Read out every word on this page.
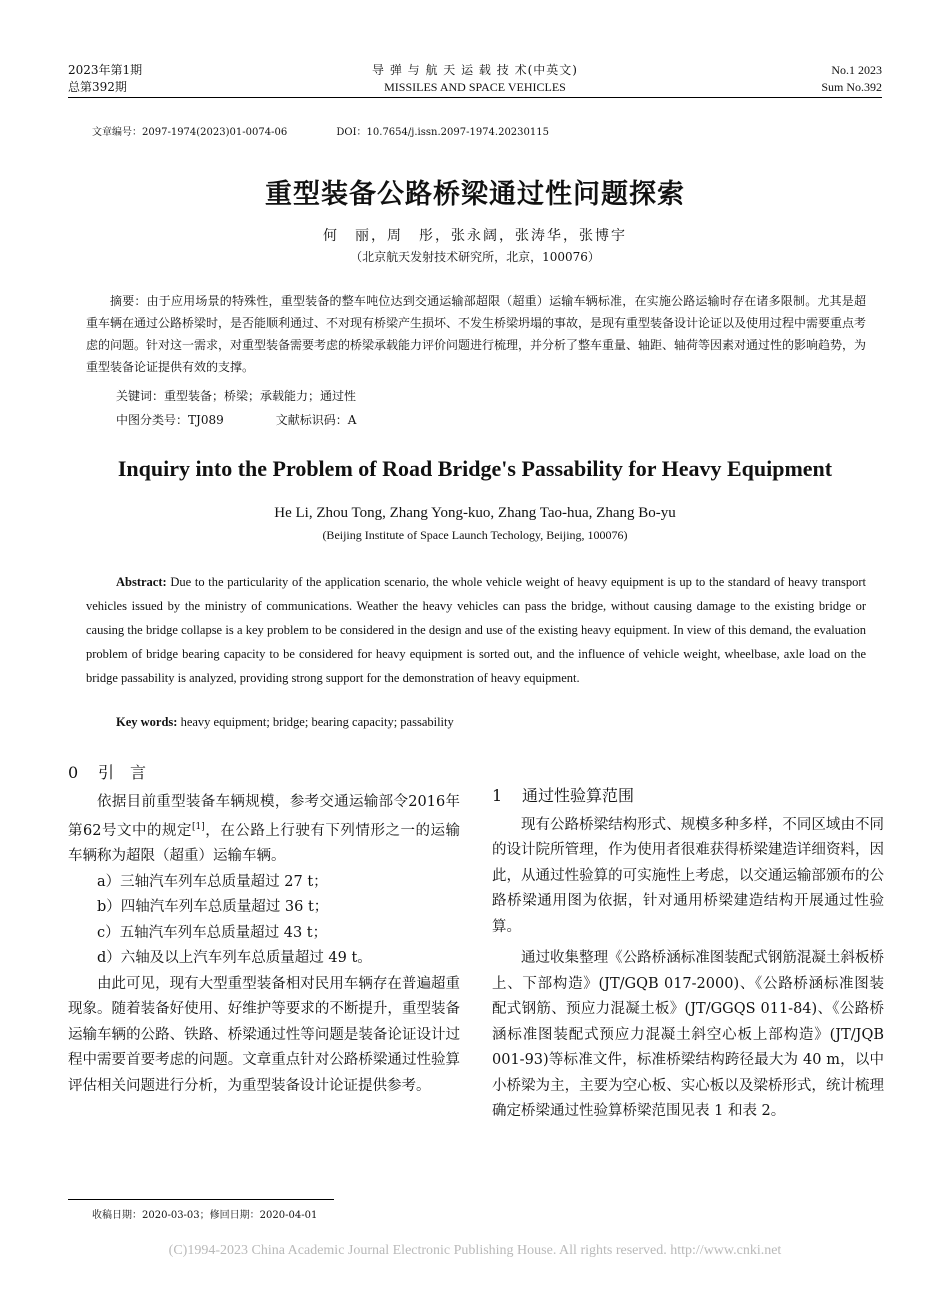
2023年第1期
总第392期
导 弹 与 航 天 运 载 技 术(中英文)
MISSILES AND SPACE VEHICLES
No.1 2023
Sum No.392
文章编号：2097-1974(2023)01-0074-06	DOI：10.7654/j.issn.2097-1974.20230115
重型装备公路桥梁通过性问题探索
何　丽，周　彤，张永阔，张涛华，张博宇
（北京航天发射技术研究所，北京，100076）
摘要：由于应用场景的特殊性，重型装备的整车吨位达到交通运输部超限（超重）运输车辆标准，在实施公路运输时存在诸多限制。尤其是超重车辆在通过公路桥梁时，是否能顺利通过、不对现有桥梁产生损坏、不发生桥梁坍塌的事故，是现有重型装备设计论证以及使用过程中需要重点考虑的问题。针对这一需求，对重型装备需要考虑的桥梁承载能力评价问题进行梳理，并分析了整车重量、轴距、轴荷等因素对通过性的影响趋势，为重型装备论证提供有效的支撑。
关键词：重型装备；桥梁；承载能力；通过性
中图分类号：TJ089	文献标识码：A
Inquiry into the Problem of Road Bridge's Passability for Heavy Equipment
He Li, Zhou Tong, Zhang Yong-kuo, Zhang Tao-hua, Zhang Bo-yu
(Beijing Institute of Space Launch Techology, Beijing, 100076)
Abstract: Due to the particularity of the application scenario, the whole vehicle weight of heavy equipment is up to the standard of heavy transport vehicles issued by the ministry of communications. Weather the heavy vehicles can pass the bridge, without causing damage to the existing bridge or causing the bridge collapse is a key problem to be considered in the design and use of the existing heavy equipment. In view of this demand, the evaluation problem of bridge bearing capacity to be considered for heavy equipment is sorted out, and the influence of vehicle weight, wheelbase, axle load on the bridge passability is analyzed, providing strong support for the demonstration of heavy equipment.
Key words: heavy equipment; bridge; bearing capacity; passability
0 引　言

依据目前重型装备车辆规模，参考交通运输部令2016年第62号文中的规定[1]，在公路上行驶有下列情形之一的运输车辆称为超限（超重）运输车辆。

a）三轴汽车列车总质量超过 27 t；

b）四轴汽车列车总质量超过 36 t；

c）五轴汽车列车总质量超过 43 t；

d）六轴及以上汽车列车总质量超过 49 t。

由此可见，现有大型重型装备相对民用车辆存在普遍超重现象。随着装备好使用、好维护等要求的不断提升，重型装备运输车辆的公路、铁路、桥梁通过性等问题是装备论证设计过程中需要首要考虑的问题。文章重点针对公路桥梁通过性验算评估相关问题进行分析，为重型装备设计论证提供参考。

1 通过性验算范围

现有公路桥梁结构形式、规模多种多样，不同区域由不同的设计院所管理，作为使用者很难获得桥梁建造详细资料，因此，从通过性验算的可实施性上考虑，以交通运输部颁布的公路桥梁通用图为依据，针对通用桥梁建造结构开展通过性验算。

通过收集整理《公路桥涵标准图装配式钢筋混凝土斜板桥上、下部构造》(JT/GQB 017-2000)、《公路桥涵标准图装配式钢筋、预应力混凝土板》(JT/GGQS 011-84)、《公路桥涵标准图装配式预应力混凝土斜空心板上部构造》(JT/JQB 001-93)等标准文件，标准桥梁结构跨径最大为 40 m，以中小桥梁为主，主要为空心板、实心板以及梁桥形式，统计梳理确定桥梁通过性验算桥梁范围见表 1 和表 2。

收稿日期：2020-03-03；修回日期：2020-04-01
(C)1994-2023 China Academic Journal Electronic Publishing House. All rights reserved. http://www.cnki.net
